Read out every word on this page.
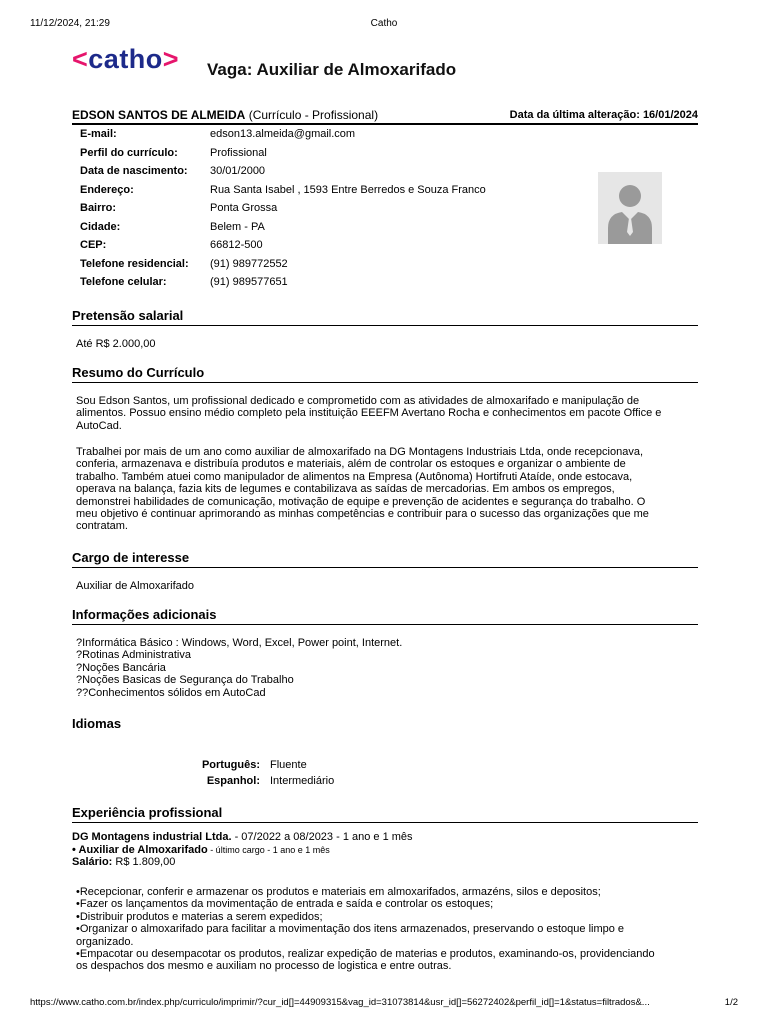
11/12/2024, 21:29	Catho
<catho> Vaga: Auxiliar de Almoxarifado
EDSON SANTOS DE ALMEIDA (Currículo - Profissional)	Data da última alteração: 16/01/2024
E-mail:	edson13.almeida@gmail.com
Perfil do currículo:	Profissional
Data de nascimento:	30/01/2000
Endereço:	Rua Santa Isabel , 1593 Entre Berredos e Souza Franco
Bairro:	Ponta Grossa
Cidade:	Belem - PA
CEP:	66812-500
Telefone residencial:	(91) 989772552
Telefone celular:	(91) 989577651
Pretensão salarial
Até R$ 2.000,00
Resumo do Currículo
Sou Edson Santos, um profissional dedicado e comprometido com as atividades de almoxarifado e manipulação de
alimentos. Possuo ensino médio completo pela instituição EEEFM Avertano Rocha e conhecimentos em pacote Office e
AutoCad.
Trabalhei por mais de um ano como auxiliar de almoxarifado na DG Montagens Industriais Ltda, onde recepcionava,
conferia, armazenava e distribuía produtos e materiais, além de controlar os estoques e organizar o ambiente de
trabalho. Também atuei como manipulador de alimentos na Empresa (Autônoma) Hortifruti Ataíde, onde estocava,
operava na balança, fazia kits de legumes e contabilizava as saídas de mercadorias. Em ambos os empregos,
demonstrei habilidades de comunicação, motivação de equipe e prevenção de acidentes e segurança do trabalho. O
meu objetivo é continuar aprimorando as minhas competências e contribuir para o sucesso das organizações que me
contratam.
Cargo de interesse
Auxiliar de Almoxarifado
Informações adicionais
?Informática Básico : Windows, Word, Excel, Power point, Internet.
?Rotinas Administrativa
?Noções Bancária
?Noções Basicas de Segurança do Trabalho
??Conhecimentos sólidos em AutoCad
Idiomas
Português: Fluente
Espanhol: Intermediário
Experiência profissional
DG Montagens industrial Ltda. - 07/2022 a 08/2023 - 1 ano e 1 mês
• Auxiliar de Almoxarifado - último cargo - 1 ano e 1 mês
Salário: R$ 1.809,00
•Recepcionar, conferir e armazenar os produtos e materiais em almoxarifados, armazéns, silos e depositos;
•Fazer os lançamentos da movimentação de entrada e saída e controlar os estoques;
•Distribuir produtos e materias a serem expedidos;
•Organizar o almoxarifado para facilitar a movimentação dos itens armazenados, preservando o estoque limpo e
organizado.
•Empacotar ou desempacotar os produtos, realizar expedição de materias e produtos, examinando-os, providenciando
os despachos dos mesmo e auxiliam no processo de logistica e entre outras.
https://www.catho.com.br/index.php/curriculo/imprimir/?cur_id[]=44909315&vag_id=31073814&usr_id[]=56272402&perfil_id[]=1&status=filtrados&...	1/2
